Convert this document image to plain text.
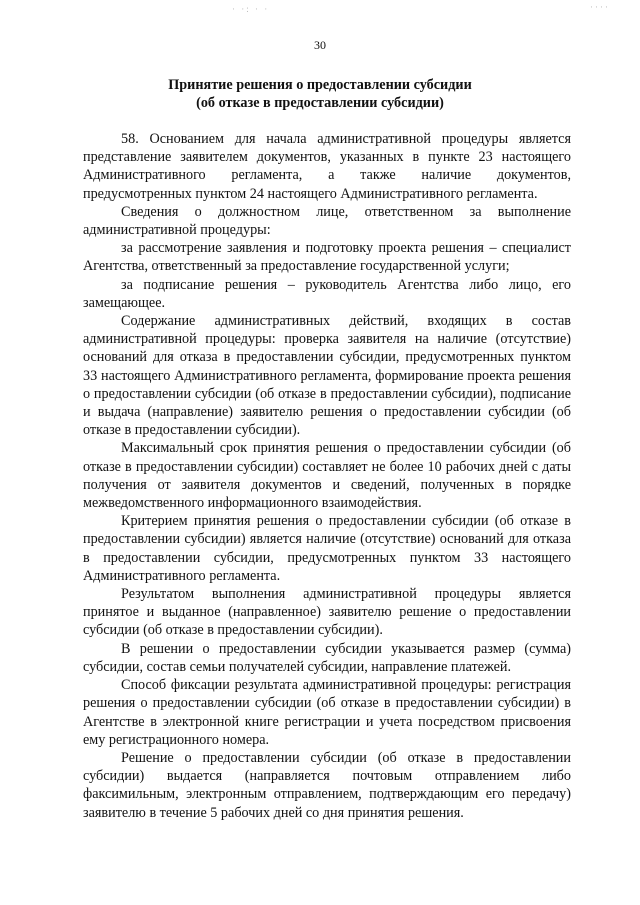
· ·: · ·	····
30
Принятие решения о предоставлении субсидии
(об отказе в предоставлении субсидии)

58. Основанием для начала административной процедуры является представление заявителем документов, указанных в пункте 23 настоящего Административного регламента, а также наличие документов, предусмотренных пунктом 24 настоящего Административного регламента.

Сведения о должностном лице, ответственном за выполнение административной процедуры:

за рассмотрение заявления и подготовку проекта решения – специалист Агентства, ответственный за предоставление государственной услуги;

за подписание решения – руководитель Агентства либо лицо, его замещающее.

Содержание административных действий, входящих в состав административной процедуры: проверка заявителя на наличие (отсутствие) оснований для отказа в предоставлении субсидии, предусмотренных пунктом 33 настоящего Административного регламента, формирование проекта решения о предоставлении субсидии (об отказе в предоставлении субсидии), подписание и выдача (направление) заявителю решения о предоставлении субсидии (об отказе в предоставлении субсидии).

Максимальный срок принятия решения о предоставлении субсидии (об отказе в предоставлении субсидии) составляет не более 10 рабочих дней с даты получения от заявителя документов и сведений, полученных в порядке межведомственного информационного взаимодействия.

Критерием принятия решения о предоставлении субсидии (об отказе в предоставлении субсидии) является наличие (отсутствие) оснований для отказа в предоставлении субсидии, предусмотренных пунктом 33 настоящего Административного регламента.

Результатом выполнения административной процедуры является принятое и выданное (направленное) заявителю решение о предоставлении субсидии (об отказе в предоставлении субсидии).

В решении о предоставлении субсидии указывается размер (сумма) субсидии, состав семьи получателей субсидии, направление платежей.

Способ фиксации результата административной процедуры: регистрация решения о предоставлении субсидии (об отказе в предоставлении субсидии) в Агентстве в электронной книге регистрации и учета посредством присвоения ему регистрационного номера.

Решение о предоставлении субсидии (об отказе в предоставлении субсидии) выдается (направляется почтовым отправлением либо факсимильным, электронным отправлением, подтверждающим его передачу) заявителю в течение 5 рабочих дней со дня принятия решения.
